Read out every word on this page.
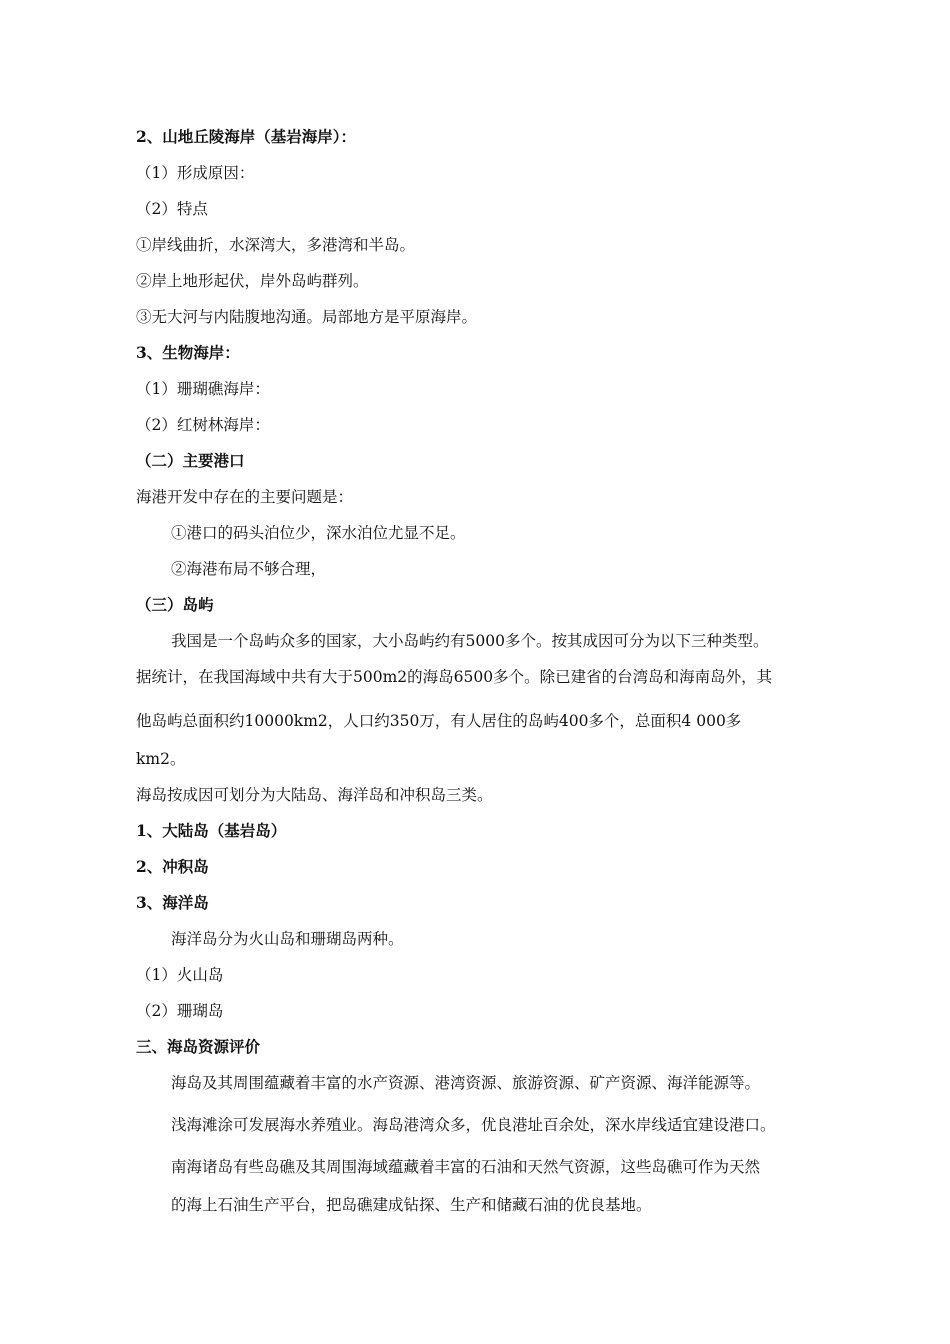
2、山地丘陵海岸（基岩海岸）：
（1）形成原因：
（2）特点
①岸线曲折，水深湾大，多港湾和半岛。
②岸上地形起伏，岸外岛屿群列。
③无大河与内陆腹地沟通。局部地方是平原海岸。
3、生物海岸：
（1）珊瑚礁海岸：
（2）红树林海岸：
（二）主要港口
海港开发中存在的主要问题是：
①港口的码头泊位少，深水泊位尤显不足。
②海港布局不够合理，
（三）岛屿
我国是一个岛屿众多的国家，大小岛屿约有5000多个。按其成因可分为以下三种类型。
据统计，在我国海域中共有大于500m2的海岛6500多个。除已建省的台湾岛和海南岛外，其
他岛屿总面积约10000km2，人口约350万，有人居住的岛屿400多个，总面积4 000多
km2。
海岛按成因可划分为大陆岛、海洋岛和冲积岛三类。
1、大陆岛（基岩岛）
2、冲积岛
3、海洋岛
海洋岛分为火山岛和珊瑚岛两种。
（1）火山岛
（2）珊瑚岛
三、海岛资源评价
海岛及其周围蕴藏着丰富的水产资源、港湾资源、旅游资源、矿产资源、海洋能源等。
浅海滩涂可发展海水养殖业。海岛港湾众多，优良港址百余处，深水岸线适宜建设港口。
南海诸岛有些岛礁及其周围海域蕴藏着丰富的石油和天然气资源，这些岛礁可作为天然
的海上石油生产平台，把岛礁建成钻探、生产和储藏石油的优良基地。
